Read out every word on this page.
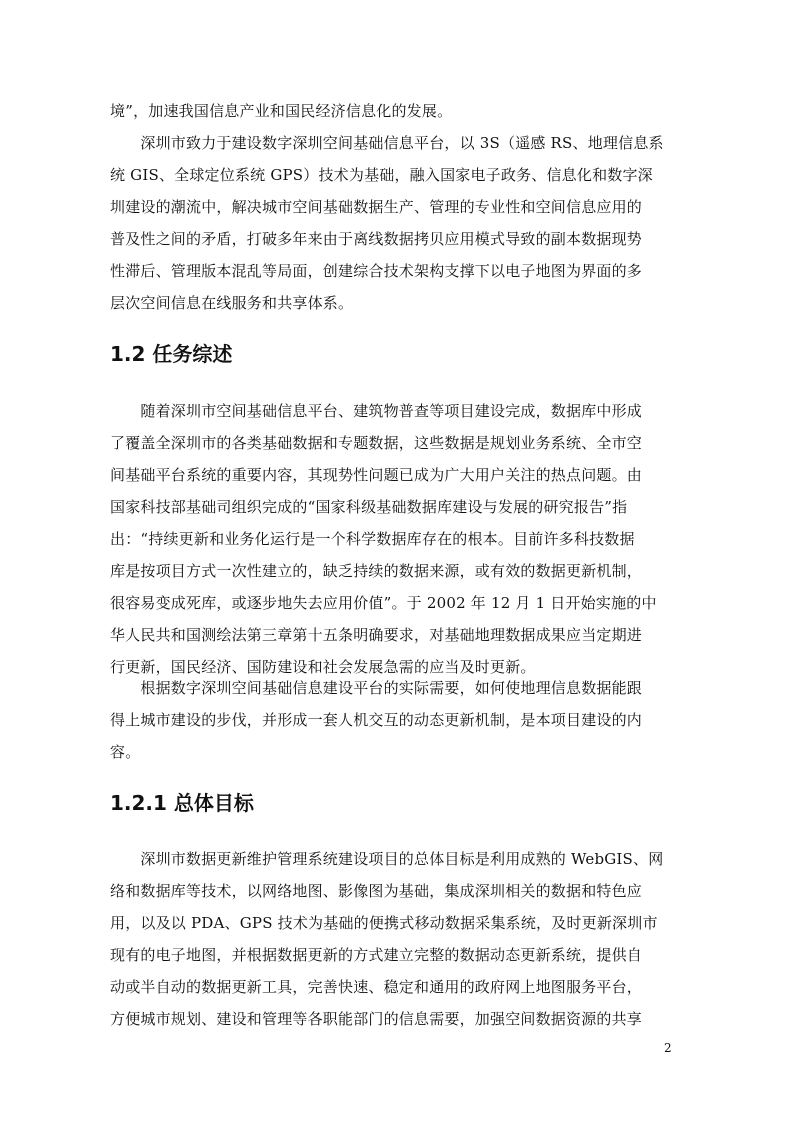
境”，加速我国信息产业和国民经济信息化的发展。
　　深圳市致力于建设数字深圳空间基础信息平台，以 3S（遥感 RS、地理信息系
统 GIS、全球定位系统 GPS）技术为基础，融入国家电子政务、信息化和数字深
圳建设的潮流中，解决城市空间基础数据生产、管理的专业性和空间信息应用的
普及性之间的矛盾，打破多年来由于离线数据拷贝应用模式导致的副本数据现势
性滞后、管理版本混乱等局面，创建综合技术架构支撑下以电子地图为界面的多
层次空间信息在线服务和共享体系。
1.2 任务综述
　　随着深圳市空间基础信息平台、建筑物普查等项目建设完成，数据库中形成
了覆盖全深圳市的各类基础数据和专题数据，这些数据是规划业务系统、全市空
间基础平台系统的重要内容，其现势性问题已成为广大用户关注的热点问题。由
国家科技部基础司组织完成的“国家科级基础数据库建设与发展的研究报告”指
出：“持续更新和业务化运行是一个科学数据库存在的根本。目前许多科技数据
库是按项目方式一次性建立的，缺乏持续的数据来源，或有效的数据更新机制，
很容易变成死库，或逐步地失去应用价值”。于 2002 年 12 月 1 日开始实施的中
华人民共和国测绘法第三章第十五条明确要求，对基础地理数据成果应当定期进
行更新，国民经济、国防建设和社会发展急需的应当及时更新。
　　根据数字深圳空间基础信息建设平台的实际需要，如何使地理信息数据能跟
得上城市建设的步伐，并形成一套人机交互的动态更新机制，是本项目建设的内
容。
1.2.1 总体目标
　　深圳市数据更新维护管理系统建设项目的总体目标是利用成熟的 WebGIS、网
络和数据库等技术，以网络地图、影像图为基础，集成深圳相关的数据和特色应
用，以及以 PDA、GPS 技术为基础的便携式移动数据采集系统，及时更新深圳市
现有的电子地图，并根据数据更新的方式建立完整的数据动态更新系统，提供自
动或半自动的数据更新工具，完善快速、稳定和通用的政府网上地图服务平台，
方便城市规划、建设和管理等各职能部门的信息需要，加强空间数据资源的共享
2
